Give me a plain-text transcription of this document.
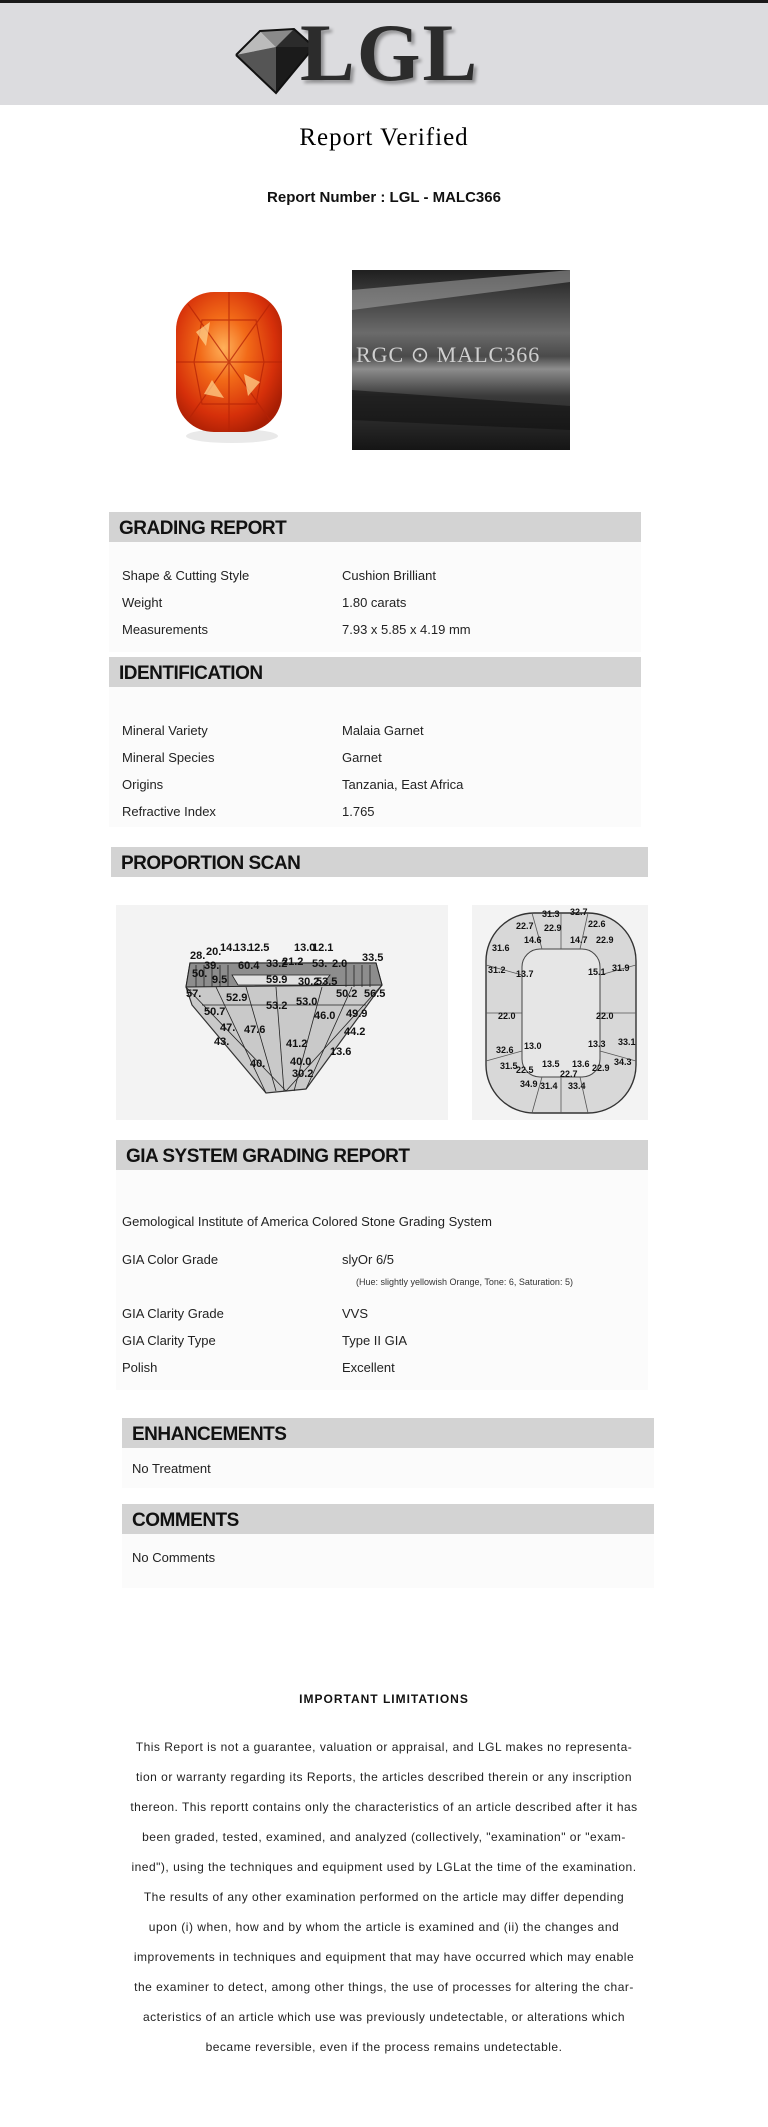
LGL
Report Verified
Report Number : LGL - MALC366
RGC ⊙ MALC366
GRADING REPORT
Shape & Cutting Style	Cushion Brilliant
Weight	1.80 carats
Measurements	7.93 x 5.85 x 4.19 mm
IDENTIFICATION
Mineral Variety	Malaia Garnet
Mineral Species	Garnet
Origins	Tanzania, East Africa
Refractive Index	1.765
PROPORTION SCAN
28. 20.
14.
13.
12.5 13.0
12.1
33.5
39. 60.4 33.2
21.2 53. 2.0
50. 9.5	59.9 30.2
53.5
57. 52.9
53.2 53.0
50.2 56.5
50.7	46.0 49.9
47. 47.6	44.2
43.	41.2
13.6
40. 40.0
30.2
31.3 32.7
22.7 22.9	22.6
31.6
14.6	14.7 22.9
31.2 13.7	15.1 31.9
22.0	22.0
32.6 13.0	13.3 33.1
31.5	13.5 13.6	34.3
22.5	22.7
22.9
34.9 31.4 33.4
GIA SYSTEM GRADING REPORT
Gemological Institute of America Colored Stone Grading System
GIA Color Grade	slyOr 6/5
(Hue: slightly yellowish Orange, Tone: 6, Saturation: 5)
GIA Clarity Grade	VVS
GIA Clarity Type	Type II GIA
Polish	Excellent
ENHANCEMENTS
No Treatment
COMMENTS
No Comments
IMPORTANT LIMITATIONS
This Report is not a guarantee, valuation or appraisal, and LGL makes no representa-
tion or warranty regarding its Reports, the articles described therein or any inscription
thereon. This reportt contains only the characteristics of an article described after it has
been graded, tested, examined, and analyzed (collectively, "examination" or "exam-
ined"), using the techniques and equipment used by LGLat the time of the examination.
The results of any other examination performed on the article may differ depending
upon (i) when, how and by whom the article is examined and (ii) the changes and
improvements in techniques and equipment that may have occurred which may enable
the examiner to detect, among other things, the use of processes for altering the char-
acteristics of an article which use was previously undetectable, or alterations which
became reversible, even if the process remains undetectable.
